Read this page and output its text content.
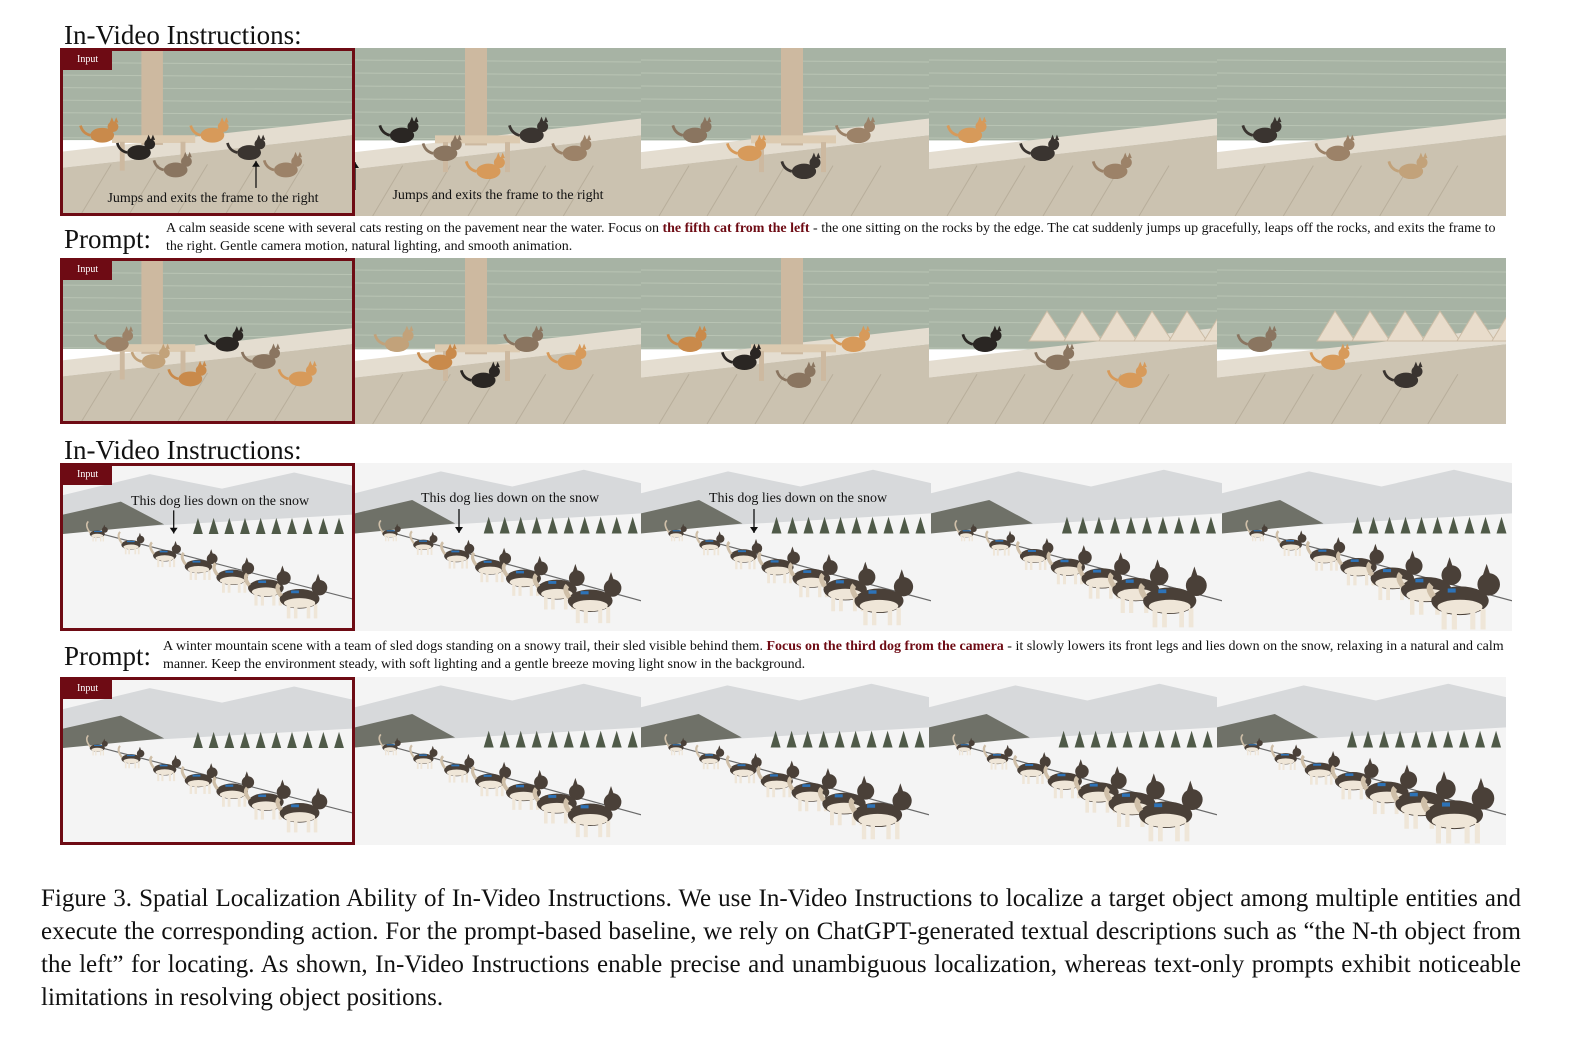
In-Video Instructions:
Input
Jumps and exits the frame to the right	Jumps and exits the frame to the right
Prompt: A calm seaside scene with several cats resting on the pavement near the water. Focus on the fifth cat from the left - the one sitting on the rocks by the edge. The cat suddenly jumps up gracefully, leaps off the rocks, and exits the frame to the right. Gentle camera motion, natural lighting, and smooth animation.
Input
In-Video Instructions:
Input
This dog lies down on the snow	This dog lies down on the snow	This dog lies down on the snow
Prompt: A winter mountain scene with a team of sled dogs standing on a snowy trail, their sled visible behind them. Focus on the third dog from the camera - it slowly lowers its front legs and lies down on the snow, relaxing in a natural and calm manner. Keep the environment steady, with soft lighting and a gentle breeze moving light snow in the background.
Input
Figure 3. Spatial Localization Ability of In-Video Instructions. We use In-Video Instructions to localize a target object among multiple entities and execute the corresponding action. For the prompt-based baseline, we rely on ChatGPT-generated textual descriptions such as “the N-th object from the left” for locating. As shown, In-Video Instructions enable precise and unambiguous localization, whereas text-only prompts exhibit noticeable limitations in resolving object positions.
